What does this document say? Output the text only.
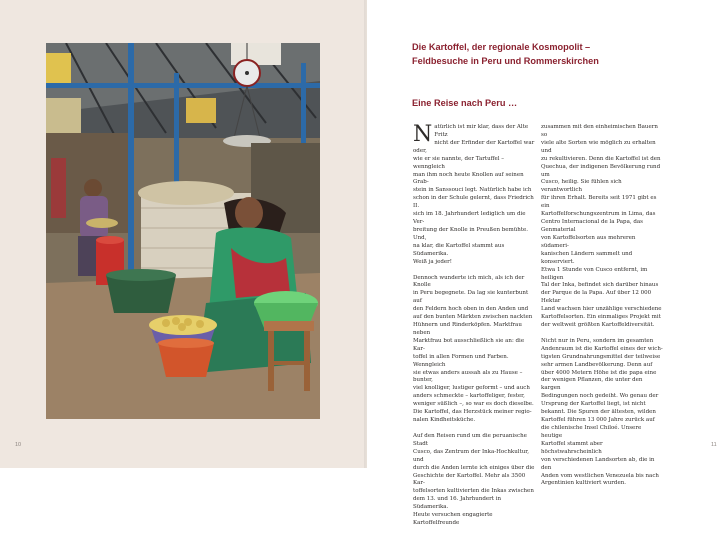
10
Die Kartoffel, der regionale Kosmopolit –
Feldbesuche in Peru und Rommerskirchen
Eine Reise nach Peru …

N atürlich ist mir klar, dass der Alte Fritz
nicht der Erfinder der Kartoffel war oder,
wie er sie nannte, der Tartuffel – wenngleich
man ihm noch heute Knollen auf seinen Grab-
stein in Sanssouci legt. Natürlich habe ich
schon in der Schule gelernt, dass Friedrich II.
sich im 18. Jahrhundert lediglich um die Ver-
breitung der Knolle in Preußen bemühte. Und,
na klar, die Kartoffel stammt aus Südamerika.
Weiß ja jeder!

Dennoch wunderte ich mich, als ich der Knolle
in Peru begegnete. Da lag sie kunterbunt auf
den Feldern hoch oben in den Anden und
auf den bunten Märkten zwischen nackten
Hühnern und Rinderköpfen. Marktfrau neben
Marktfrau bot ausschließlich sie an: die Kar-
toffel in allen Formen und Farben. Wenngleich
sie etwas anders aussah als zu Hause – bunter,
viel knolliger, lustiger geformt – und auch
anders schmeckte – kartoffeliger, fester,
weniger süßlich –, so war es doch dieselbe.
Die Kartoffel, das Herzstück meiner regio-
nalen Kindheitsküche.

Auf den Reisen rund um die peruanische Stadt
Cusco, das Zentrum der Inka-Hochkultur, und
durch die Anden lernte ich einiges über die
Geschichte der Kartoffel. Mehr als 3500 Kar-
toffelsorten kultivierten die Inkas zwischen
dem 13. und 16. Jahrhundert in Südamerika.
Heute versuchen engagierte Kartoffelfreunde

zusammen mit den einheimischen Bauern so
viele alte Sorten wie möglich zu erhalten und
zu rekultivieren. Denn die Kartoffel ist den
Quechua, der indigenen Bevölkerung rund um
Cusco, heilig. Sie fühlen sich verantwortlich
für ihren Erhalt. Bereits seit 1971 gibt es ein
Kartoffelforschungszentrum in Lima, das
Centro Internacional de la Papa, das Genmaterial
von Kartoffelsorten aus mehreren südameri-
kanischen Ländern sammelt und konserviert.
Etwa 1 Stunde von Cusco entfernt, im heiligen
Tal der Inka, befindet sich darüber hinaus
der Parque de la Papa. Auf über 12 000 Hektar
Land wachsen hier unzählige verschiedene
Kartoffelsorten. Ein einmaliges Projekt mit
der weltweit größten Kartoffeldiversität.

Nicht nur in Peru, sondern im gesamten
Andenraum ist die Kartoffel eines der wich-
tigsten Grundnahrungsmittel der teilweise
sehr armen Landbevölkerung. Denn auf
über 4000 Metern Höhe ist die papa eine
der wenigen Pflanzen, die unter den kargen
Bedingungen noch gedeiht. Wo genau der
Ursprung der Kartoffel liegt, ist nicht
bekannt. Die Spuren der ältesten, wilden
Kartoffel führen 13 000 Jahre zurück auf
die chilenische Insel Chiloé. Unsere heutige
Kartoffel stammt aber höchstwahrscheinlich
von verschiedenen Landsorten ab, die in den
Anden vom westlichen Venezuela bis nach
Argentinien kultiviert wurden.

11
